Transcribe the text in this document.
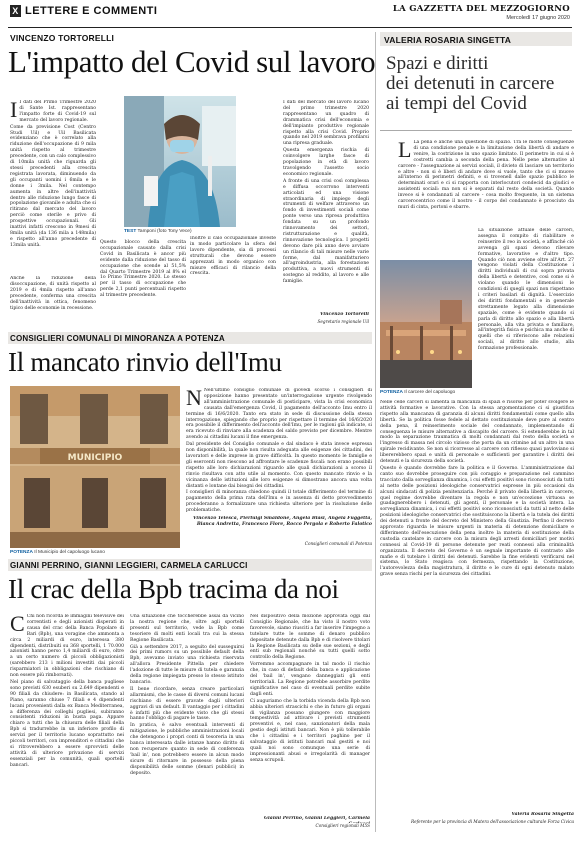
X LETTERE E COMMENTI	LA GAZZETTA DEL MEZZOGIORNO
Mercoledì 17 giugno 2020
VINCENZO TORTORELLI
L'impatto del Covid sul lavoro

I I dati del Primo Trimestre 2020 di Sante Ist. rappresentano l'impatto forte di Covid-19 sul mercato del lavoro regionale.

Come da previsione Cost (Centro Studi Uil) e Uil Basilicata evidenziano che è correlato alla riduzione dell'occupazione di 9 mila unità rispetto al trimestre precedente, con un calo complessivo di 10mila unità che riguarda gli stessi precedenti alla crescita registrata lavorata, diminuendo da gli occupanti uomini i 6mila e le donne i 3mila. Nel contempo aumenta in altre dell'inattività dentro alle riduzione lungo fasce di popolazione giovanile e adulta che si ritirano dal mercato del lavoro perciò come sterile e privo di prospettive occupazionali. Gli inattivi infatti crescono in 9mesi di 8mila unità (da 136 mila a 148mila) e rispetto all'anno precedente di 13mila unità.

Anche la riduzione della disoccupazione, di unità rispetto al 2019 e di 4mila rispetto all'anno precedente, conferma una crescita dell'inattività in ottica, fenomeno tipico delle economie in recessione.

Questo blocco della crescita occupazionale causato dalla crisi Covid in Basilicata è ancor più evidente dalla riduzione del tasso di occupazione che scende al 51,5% dal Quarto Trimestre 2019 al 8% el 1o Primo Trimestre 2020. Lo stesso per il tasso di occupazione che perde 2,1 punti percentuali rispetto al trimestre precedente.

TEST Tamponi (foto Tony Vece)

Inoltre il calo occupazionale investe in modo particolare la sfera del lavoro dipendente, sia di processi strutturali che devono essere apprezzati in modo organico con misure efficaci di rilancio della crescita.

I dati del mercato del lavoro lucano del primo trimestre 2020 rappresentano un quadro di drammatica crisi dell'economia e dell'impianto produttivo regionale rispetto alla crisi Covid. Proprio quando nel 2019 sembrava profilarsi una ripresa graduale.

Questa emergenza rischia di coinvolgere larghe fasce di popolazione in età di lavoro travolgendo l'assetto socio economico regionale.

A fronte di una crisi così complessa e diffusa occorrono interventi articolati ed una visione straordinaria di impiego degli strumenti di welfare attraverso un fondo di investimenti sociali come ponte verso una ripresa produttiva fondata su un profondo rinnovamento dei settori, ristrutturazione e qualità, rinnovazione tecnologica. I progetti devono dare più anno devo avviare un rilancio di tali misure nelle varie forme, dal manifatturiero all'agroindustria, alla forestazione produttiva, a nuovi strumenti di sostegno al reddito, al lavoro e alle famiglie.

Vincenzo Tortorelli
Segretario regionale Uil
VALERIA ROSARIA SINGETTA
Spazi e diritti
dei detenuti in carcere
ai tempi del Covid

L La pena è anche una questione di spazio. Tra le molte conseguenze di una condizione penale e la limitazione della libertà di andare e venire, la costrizione in uno spazio limitato. Il perimetro in cui si è costretti cambia a seconda della pena. Nelle pene alternative al carcere - l'assegnazione ai servizi sociali, il divieto di lasciare un territorio e altre - non si è liberi di andare dove si vuole, tanto che ci si muove all'interno di perimetri definiti, e si trovenell dalle spazio pubblico le determinati orari e ci si rapporta con interlocutori condecid da giudici e assistenti sociali: ma non si è separati dal resto della società. Quando invece si è condannati al carcere - cosa molto frequente, in un sistema carcerocentrico come il nostro - il corpo del condannato è prosciuto da muri di cinta, portoni e sbarre.

La situazione attuale delle carceri, assegna il compito di riabilitare e reinserire il reo in società, e affinché ciò avvenga gli spazi devono rilevare formative, lavorative e d'altro tipo. Quando ciò non avviene oltre all'Art. 27 vengono violati della Costituzione i diritti individuali di cui sopra privata della libertà e detentive, così come si è violano quando le dimensioni le condizioni di quegli spazi non rispettano i criteri basilari di dignità. L'esercizio dei diritti fondamentali e in generale strettamente legato alla dimensione spaziale, come è evidente quando si parla di diritto allo spazio e alla libertà personale, alla vita privata e familiare, all'integrità fisica e psichica ma anche di quelli che si riferiscono alle relazioni sociali, al diritto allo studio, alla formazione professionale.

POTENZA Il carcere del capoluogo

Nelle celle carceri si lamenta la mancanza di spazi e risorse per poter svolgere le attività formative e lavorative. Con la stessa argomentazione ci si giustifica rispetto alla mancanza di garanzia di alcuni diritti fondamentali come quello alla libertà. Se la politica fosse fedele al dettato costituzionale deve pure al centro della pena, il reinserimento sociale del condannato, implementando di conseguenza le misure alternative a discapito del carcere. Si estenderebbe in tal modo la separazione traumatica di molti condannati dal resto della società e l'ingresso di massa nel circolo vizioso che porta da un crimine ad un altro in una spirale recidivante. Se non si ricorresse al carcere con riflesso quasi pavloviano si libererebbero spazi e unità di personale e sufficienti per garantire i diritti dei detenuti e la sicurezza della società.

Questo è quando dovrebbe fare la politica e il Governo. L'amministrazione dal canto suo dovrebbe proseguire con più coraggio e preparazione nel cammino tracciato dalla sorveglianza dinamica, i cui effetti positivi sono riconosciuti da tutti al netto delle posizioni ideologiche conservatrici espresse in più occasioni da alcuni sindacati di polizia penitenziaria. Perché il privato della libertà in carcere, quel regime dovrebbe diventare la regola e non un'eccezione virtuosa se guadagnerebbero i detenuti, gli agenti, il personale e la società intera. La sorveglianza dinamica, i cui effetti positivi sono riconosciuti da tutti al netto delle posizioni ideologiche conservatrici che sostituiscono la libertà e la tutela dei diritti dei detenuti a fronte del decreto del Ministero della Giustizia. Perfino il decreto approvato riguarda le misure urgenti in materia di detenzione domiciliare e differimento dell'esecuzione della pena inoltre la materia di sostituzione della custodia cautelare in carcere con la misura degli arresti domiciliari per motivi connessi al Covid-19 di persone detenute per reati connessi alla criminalità organizzata. Il decreto del Governo è un segnale importante di contrasto alle mafie e di tutelare i diritti dei detenuti. Sarebbe la fine evidenti verificarsi nel sistema, lo Stato reagisca con fermezza, rispettando la Costituzione, l'autorevolezza della magistratura, il diritto e le cure di ogni detenuto malato grave senza rischi per la sicurezza dei cittadini.

Valeria Rosaria Singetta
Referente per la provincia di Matera dell'associazione culturale Forza Civica
CONSIGLIERI COMUNALI DI MINORANZA A POTENZA
Il mancato rinvio dell'Imu
MUNICIPIO
POTENZA Il Municipio del capoluogo lucano

N Nell'ultimo consiglio comunale di giovedì scorso i consiglieri di opposizione hanno presentato un'interrogazione urgente rivolgendo all'amministrazione comunale di posticipare, vista la crisi economica causata dall'emergenza Covid, il pagamento dell'acconto Imu entro il termine di 16/6/2020. Tanto era stato in sede di discussione della stessa interrogazione, spiegando che proprio per rispettare il termine del 16/6/2020 era possibile il differimento dell'acconto dell'Imu, per le ragioni già indicate, si era ricevuto di rinviare alla scadenza del saldo previsto per dicembre. Mentre avendo ai cittadini lucani il fine emergenza.

Dal presidente del Consiglio comunale e dal sindaco è stata invece espressa non disponibilità, la quale non risulta adeguata alle esigenze dei cittadini, dei lavoratori e delle imprese in grave difficoltà. In questo momento le famiglie e gli esercenti non riescono ad affrontare le scadenze fiscali: non erano possibili rispetto alle loro dichiarazioni riguardo alle quali dichiarazioni a scorso il rinvio risultava con atto utile al momento. Con questo mancato rinvio e la vicinanza delle istituzioni alle loro esigenze si dimostrano ancora una volta distanti e lontane dai bisogni dei cittadini.

I consiglieri di minoranza chiedono quindi il totale differimento del termine di pagamento della prima rata dell'Imu e in assenza di detto provvedimento procederanno a formalizzare una richiesta ulteriore per la risoluzione delle problematiche.

Vincenzo Telesca, Pierluigi Smaldone, Angela Blasi, Angela Fuggetta, Bianca Andretta, Francesco Flore, Rocco Pergola e Roberto Falotico
Consiglieri comunali di Potenza
GIANNI PERRINO, GIANNI LEGGIERI, CARMELA CARLUCCI
Il crac della Bpb tracima da noi

C Chi non ricorda le immagini televisive dei correntisti e degli azionisti disperati in causa del crac della Banca Popolare di Bari (Bpb), una voragine che ammonta a circa 2 miliardi di euro, interessa 380 dipendenti, distribuiti su 368 sportelli, 1 70.000 azionisti hanno perso 1,4 miliardi di euro, oltre a un certo numero di piccoli obbligazionisti (sarebbero 213 i milioni investiti dai piccoli risparmiatori in obbligazioni che rischiano di non essere più rimborsati).

Nel piano di salvataggio della banca pugliese sono previsti 630 esuberi su 2.649 dipendenti e 90 filiali da chiudere: in Basilicata, stando al Piano, saranno chiuse 7 filiali e 4 dipendenti lucani provenienti dalla ex Banca Mediterranea, a differenza dei colleghi pugliesi, subiranno consistenti riduzioni in busta paga. Appare chiaro a tutti che la chiusura delle filiali della Bpb si tradurrebbe in un inferiore profilo di servizi per il territorio lucano soprattutto nei piccoli territori, con imprenditori e cittadini che si ritroverebbero a essere sprovvisti delle attività di ulteriore privazione di servizi essenziali per la comunità, quali sportelli bancari.

Una situazione che toccherebbe assai da vicino la nostra regione che, oltre agli sportelli presenti sul territorio, vede la Bpb come tesoriere di molti enti locali tra cui la stessa Regione Basilicata.

Già a settembre 2017, a seguito del susseguirsi dei primi rumors su un possibile default della Bpb, avevamo inviato una richiesta riservata all'allora Presidente Pittella per chiedere l'adozione di tutte le misure di tutela e garanzia della regione impiegata presso lo stesso istituto bancario.

Il bene ricordare, senza creare particolari allarmismi, che le casse di diversi comuni lucani rischiano di essere gravate dagli ulteriori aggravi di un default. Il vantaggio per i cittadini è infatti più che evidente visto che gli stessi hanno l'obbligo di pagare le tasse.

In pratica, è salvo eventuali interventi di mitigazione, le pubbliche amministrazioni locali che detengono i propri conti di tesoreria in una banca interessata dalle istanze hanno diritto di non recuperare quanto in sede di conferenza 'bail in', non potrebbero essere in alcun modo sicure di ritornare in possesso della piena disponibilità delle somme (denari pubblici) in deposito.

Nel dispositivo della mozione approvata oggi dal Consiglio Regionale, che ha visto il nostro voto favorevole, siamo riusciti a far inserire l'impegno a tutelare tutte le somme di denaro pubblico depositate detenute dalla Bpb e di risolvere titolari la Regione Basilicata su delle sue sezioni, e degli enti sub regionali nonché su tutti quelli sotto controllo della Regione.

Vorremmo accompagnare in tal modo il rischio che, in caso di default della banca e applicazione del 'bail in', vengano danneggiati gli enti territoriali. La Regione potrebbe assorbire perdite significative nel caso di eventuali perdite subite dagli enti.

Ci auguriamo che la torbida vicenda della Bpb non abbia ulteriori strascichi e che in futuro gli organi di vigilanza possano giungere con maggiore tempestività ad attivare i previsti strumenti preventivi e, nel caso, sanzionatori della mala gestio degli istituti bancari. Non è più tollerabile che i cittadini e i territori paghino per il salvataggio di istituti bancari mal gestiti e noi quali noi sono comunque una serie di impressionanti abusi e irregolarità di manager senza scrupoli.

Gianni Perrino, Gianni Leggieri, Carmela
Consiglieri regionali M5S
